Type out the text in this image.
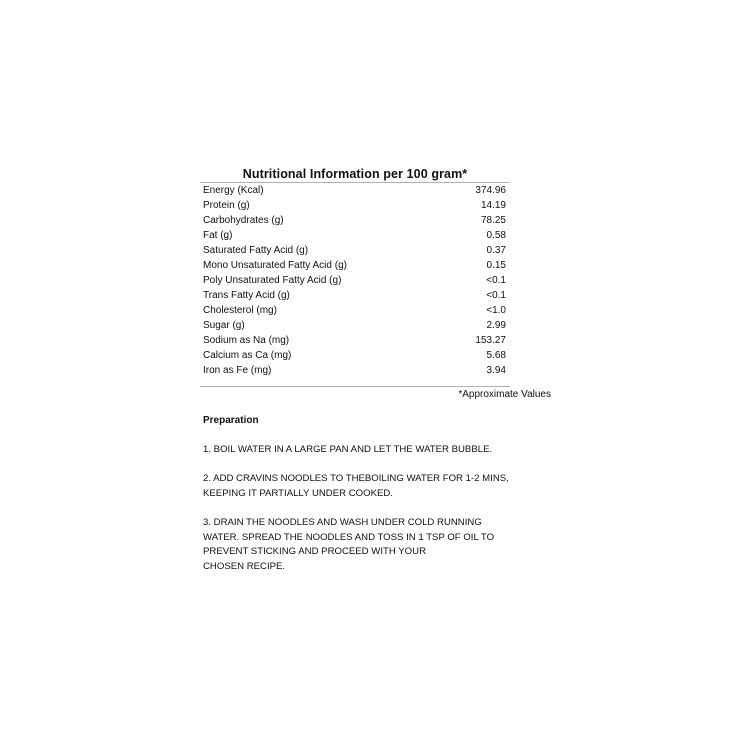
Nutritional Information per 100 gram*
Energy (Kcal)	374.96
Protein (g)	14.19
Carbohydrates (g)	78.25
Fat (g)	0.58
Saturated Fatty Acid (g)	0.37
Mono Unsaturated Fatty Acid (g)	0.15
Poly Unsaturated Fatty Acid (g)	<0.1
Trans Fatty Acid (g)	<0.1
Cholesterol (mg)	<1.0
Sugar (g)	2.99
Sodium as Na (mg)	153.27
Calcium as Ca (mg)	5.68
Iron as Fe (mg)	3.94
*Approximate Values
Preparation
1. BOIL WATER IN A LARGE PAN AND LET THE WATER BUBBLE.
2. ADD CRAVINS NOODLES TO THEBOILING WATER FOR 1-2 MINS,
KEEPING IT PARTIALLY UNDER COOKED.
3. DRAIN THE NOODLES AND WASH UNDER COLD RUNNING
WATER. SPREAD THE NOODLES AND TOSS IN 1 TSP OF OIL TO
PREVENT STICKING AND PROCEED WITH YOUR
CHOSEN RECIPE.
